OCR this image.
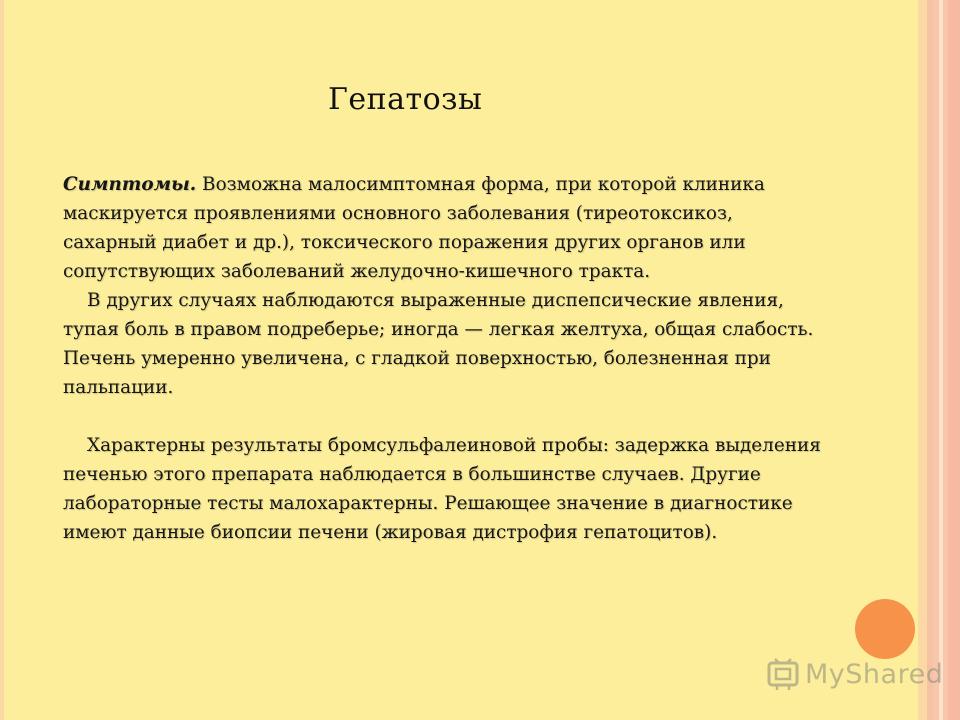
Гепатозы

Симптомы. Возможна малосимптомная форма, при которой клиника маскируется проявлениями основного заболевания (тиреотоксикоз, сахарный диабет и др.), токсического поражения других органов или сопутствующих заболеваний желудочно-кишечного тракта.

В других случаях наблюдаются выраженные диспепсические явления, тупая боль в правом подреберье; иногда — легкая желтуха, общая слабость. Печень умеренно увеличена, с гладкой поверхностью, болезненная при пальпации.

Характерны результаты бромсульфалеиновой пробы: задержка выделения печенью этого препарата наблюдается в большинстве случаев. Другие лабораторные тесты малохарактерны. Решающее значение в диагностике имеют данные биопсии печени (жировая дистрофия гепатоцитов).

MyShared
